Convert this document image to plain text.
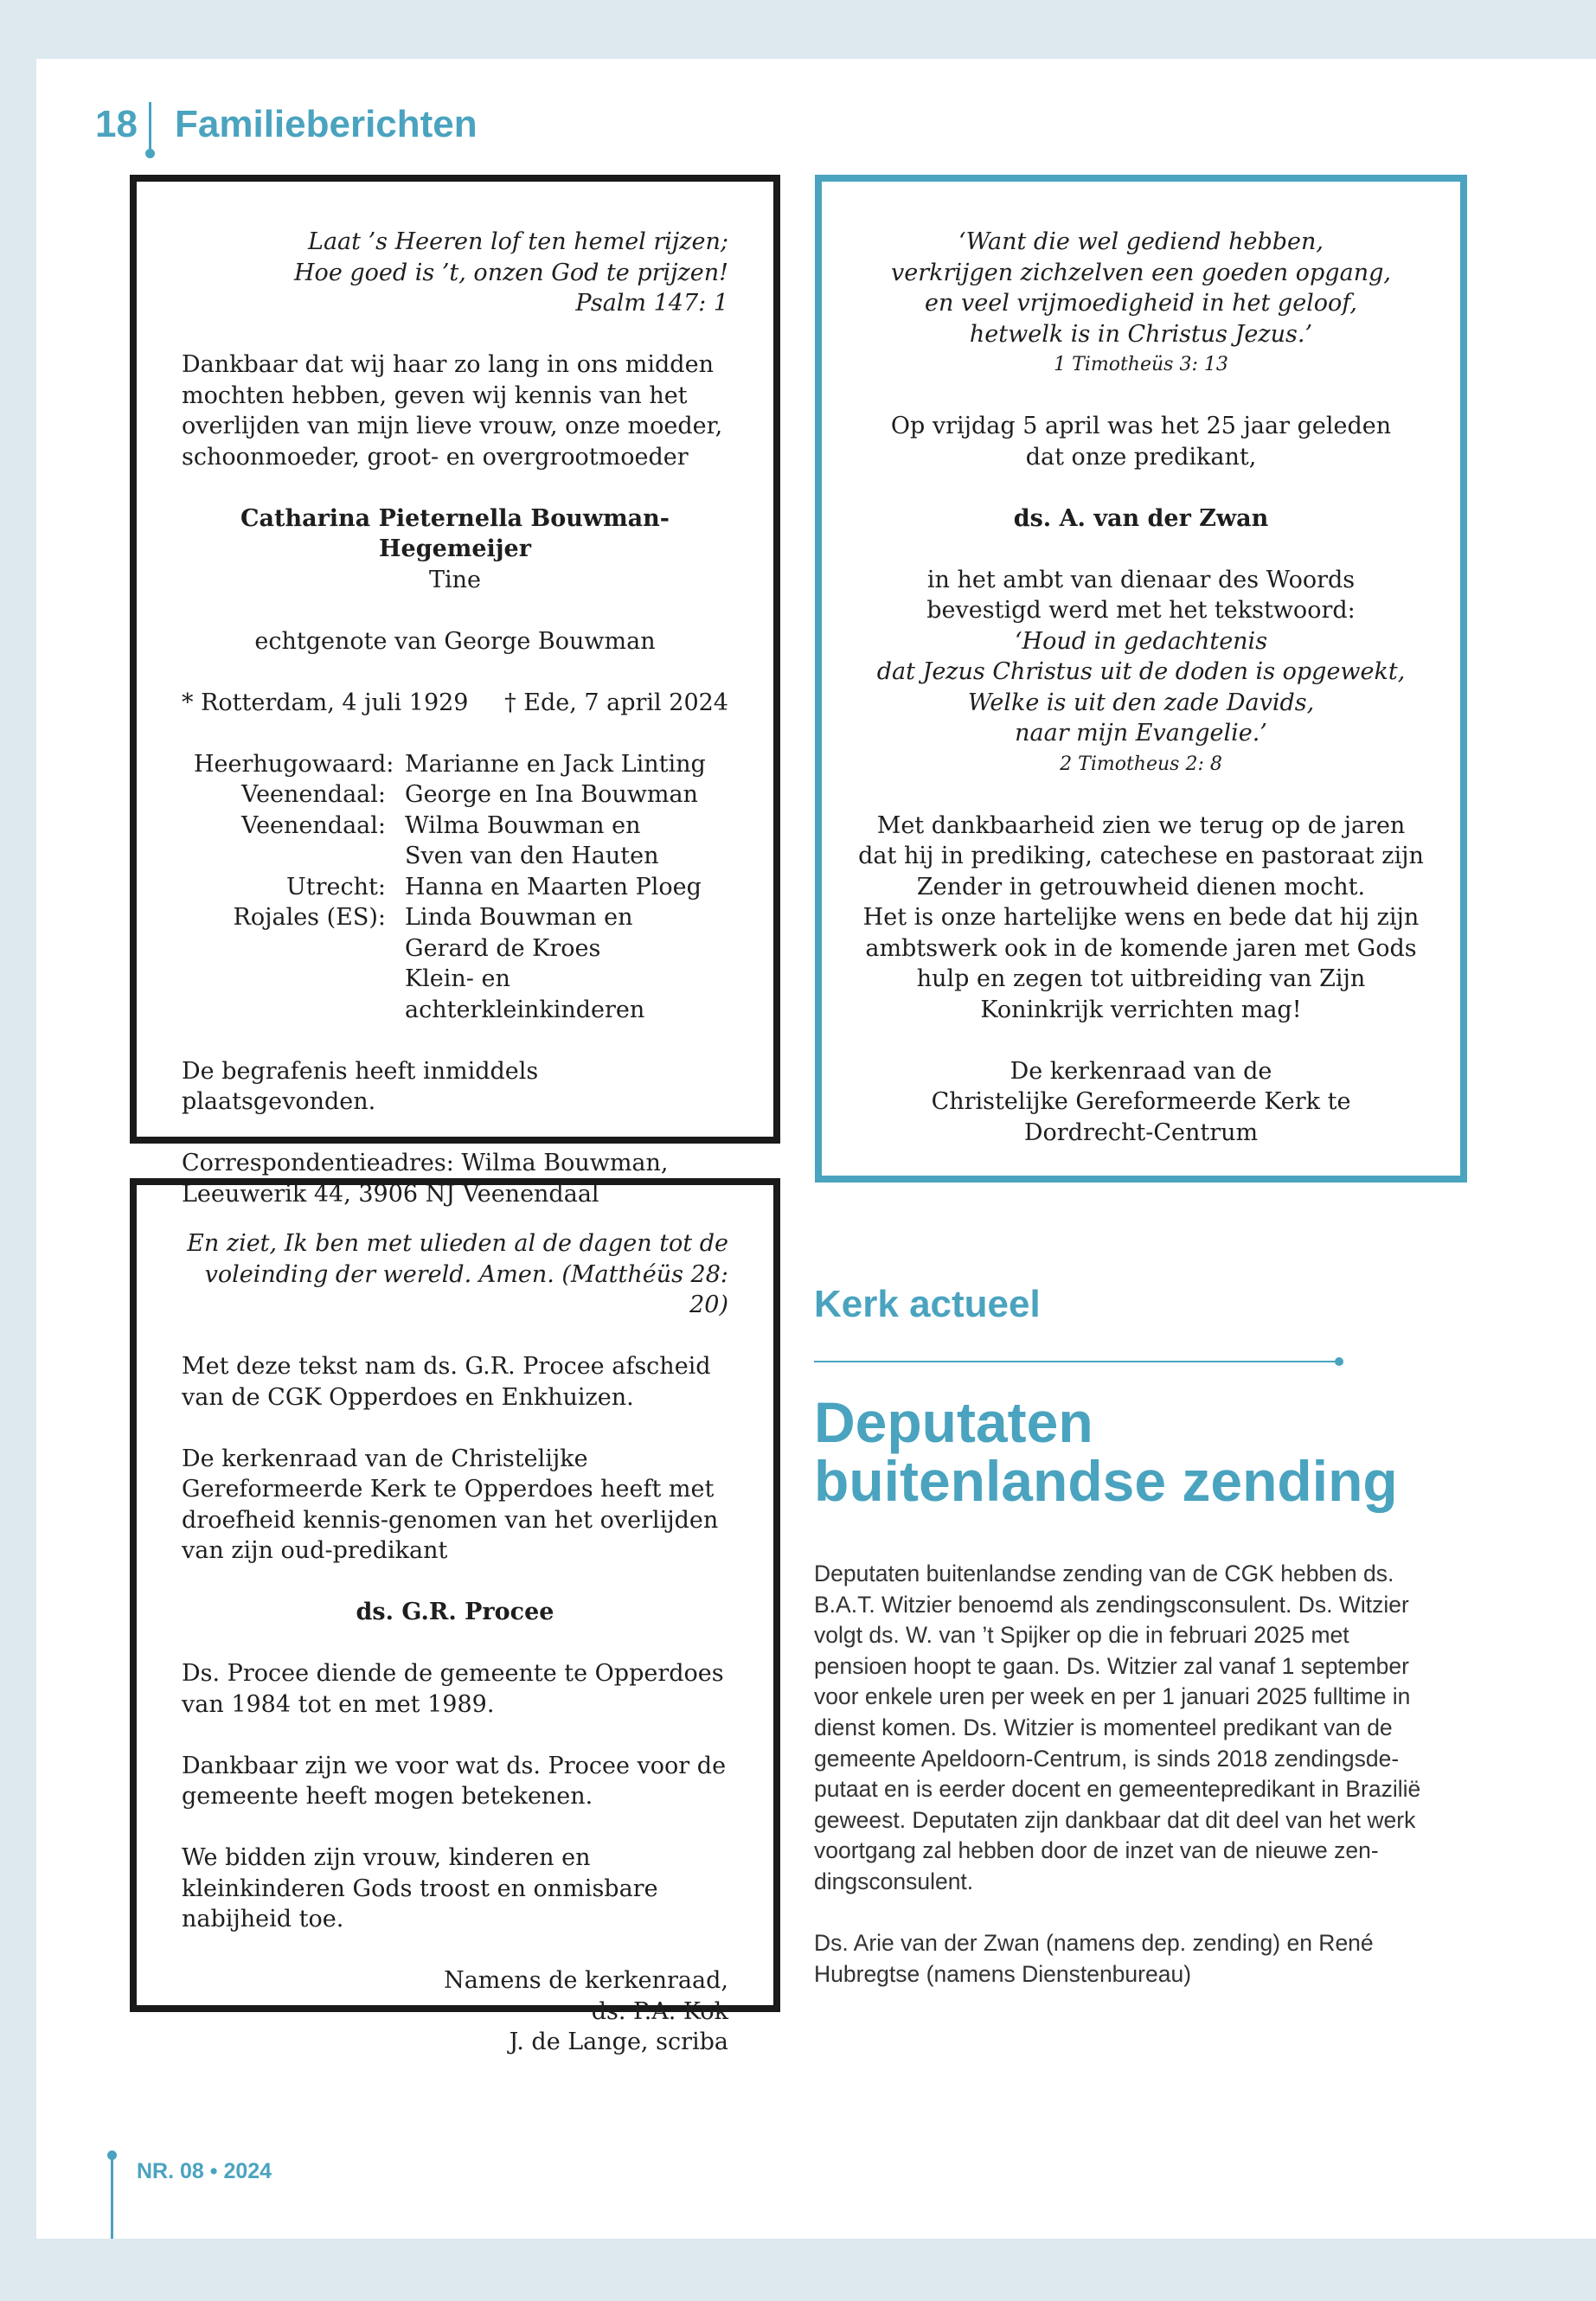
18 Familieberichten
Laat ’s Heeren lof ten hemel rijzen;
Hoe goed is ’t, onzen God te prijzen!
Psalm 147: 1

Dankbaar dat wij haar zo lang in ons midden mochten hebben, geven wij kennis van het overlijden van mijn lieve vrouw, onze moeder, schoonmoeder, groot- en overgrootmoeder

Catharina Pieternella Bouwman-Hegemeijer
Tine
echtgenote van George Bouwman
* Rotterdam, 4 juli 1929 † Ede, 7 april 2024
Heerhugowaard: Marianne en Jack Linting
Veenendaal: George en Ina Bouwman
Veenendaal: Wilma Bouwman en
Sven van den Hauten
Utrecht: Hanna en Maarten Ploeg
Rojales (ES): Linda Bouwman en
Gerard de Kroes
Klein- en achterkleinkinderen
De begrafenis heeft inmiddels plaatsgevonden.
Correspondentieadres: Wilma Bouwman,
Leeuwerik 44, 3906 NJ Veenendaal
‘Want die wel gediend hebben,
verkrijgen zichzelven een goeden opgang,
en veel vrijmoedigheid in het geloof,
hetwelk is in Christus Jezus.’
1 Timotheüs 3: 13
Op vrijdag 5 april was het 25 jaar geleden
dat onze predikant,
ds. A. van der Zwan
in het ambt van dienaar des Woords
bevestigd werd met het tekstwoord:
‘Houd in gedachtenis
dat Jezus Christus uit de doden is opgewekt,
Welke is uit den zade Davids,
naar mijn Evangelie.’
2 Timotheus 2: 8

Met dankbaarheid zien we terug op de jaren dat hij in prediking, catechese en pastoraat zijn Zender in getrouwheid dienen mocht.

Het is onze hartelijke wens en bede dat hij zijn ambtswerk ook in de komende jaren met Gods hulp en zegen tot uitbreiding van Zijn Koninkrijk verrichten mag!

De kerkenraad van de
Christelijke Gereformeerde Kerk te
Dordrecht-Centrum
En ziet, Ik ben met ulieden al de dagen tot de
voleinding der wereld. Amen. (Matthéüs 28: 20)

Met deze tekst nam ds. G.R. Procee afscheid van de CGK Opperdoes en Enkhuizen.

De kerkenraad van de Christelijke Gereformeerde Kerk te Opperdoes heeft met droefheid kennis-genomen van het overlijden van zijn oud-predikant

ds. G.R. Procee

Ds. Procee diende de gemeente te Opperdoes van 1984 tot en met 1989.

Dankbaar zijn we voor wat ds. Procee voor de gemeente heeft mogen betekenen.

We bidden zijn vrouw, kinderen en kleinkinderen Gods troost en onmisbare nabijheid toe.

Namens de kerkenraad,
ds. P.A. Kok
J. de Lange, scriba
Kerk actueel
Deputaten
buitenlandse zending

Deputaten buitenlandse zending van de CGK hebben ds. B.A.T. Witzier benoemd als zendingsconsulent. Ds. Witzier volgt ds. W. van ’t Spijker op die in februari 2025 met pensioen hoopt te gaan. Ds. Witzier zal vanaf 1 september voor enkele uren per week en per 1 januari 2025 fulltime in dienst komen. Ds. Witzier is momenteel predikant van de gemeente Apeldoorn-Centrum, is sinds 2018 zendingsde-putaat en is eerder docent en gemeentepredikant in Brazilië geweest. Deputaten zijn dankbaar dat dit deel van het werk voortgang zal hebben door de inzet van de nieuwe zen-dingsconsulent.

Ds. Arie van der Zwan (namens dep. zending) en René Hubregtse (namens Dienstenbureau)

NR. 08 • 2024
